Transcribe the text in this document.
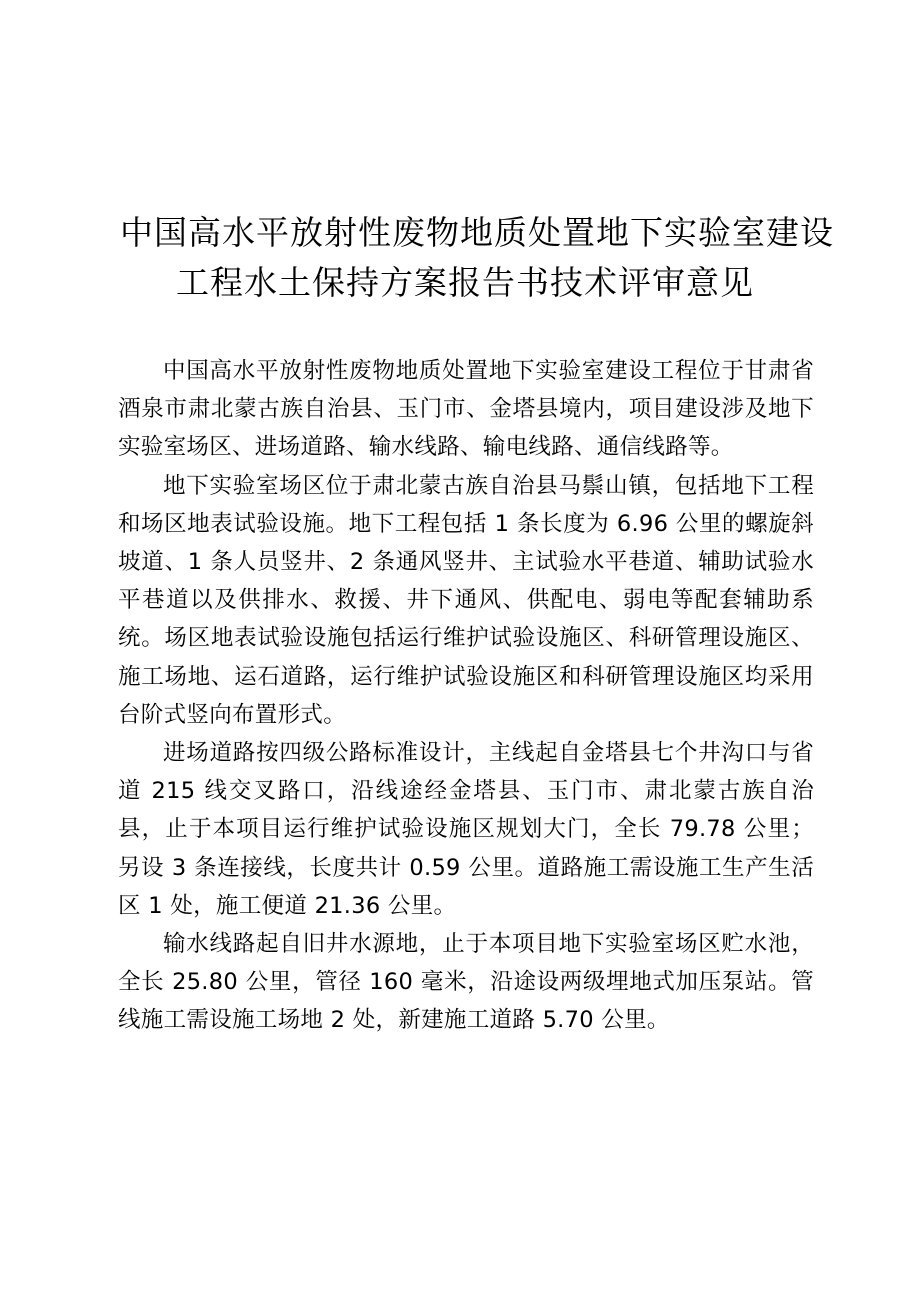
中国高水平放射性废物地质处置地下实验室建设
工程水土保持方案报告书技术评审意见

中国高水平放射性废物地质处置地下实验室建设工程位于甘肃省酒泉市肃北蒙古族自治县、玉门市、金塔县境内，项目建设涉及地下实验室场区、进场道路、输水线路、输电线路、通信线路等。

地下实验室场区位于肃北蒙古族自治县马鬃山镇，包括地下工程和场区地表试验设施。地下工程包括 1 条长度为 6.96 公里的螺旋斜坡道、1 条人员竖井、2 条通风竖井、主试验水平巷道、辅助试验水平巷道以及供排水、救援、井下通风、供配电、弱电等配套辅助系统。场区地表试验设施包括运行维护试验设施区、科研管理设施区、施工场地、运石道路，运行维护试验设施区和科研管理设施区均采用台阶式竖向布置形式。

进场道路按四级公路标准设计，主线起自金塔县七个井沟口与省道 215 线交叉路口，沿线途经金塔县、玉门市、肃北蒙古族自治县，止于本项目运行维护试验设施区规划大门，全长 79.78 公里；另设 3 条连接线，长度共计 0.59 公里。道路施工需设施工生产生活区 1 处，施工便道 21.36 公里。

输水线路起自旧井水源地，止于本项目地下实验室场区贮水池，全长 25.80 公里，管径 160 毫米，沿途设两级埋地式加压泵站。管线施工需设施工场地 2 处，新建施工道路 5.70 公里。
